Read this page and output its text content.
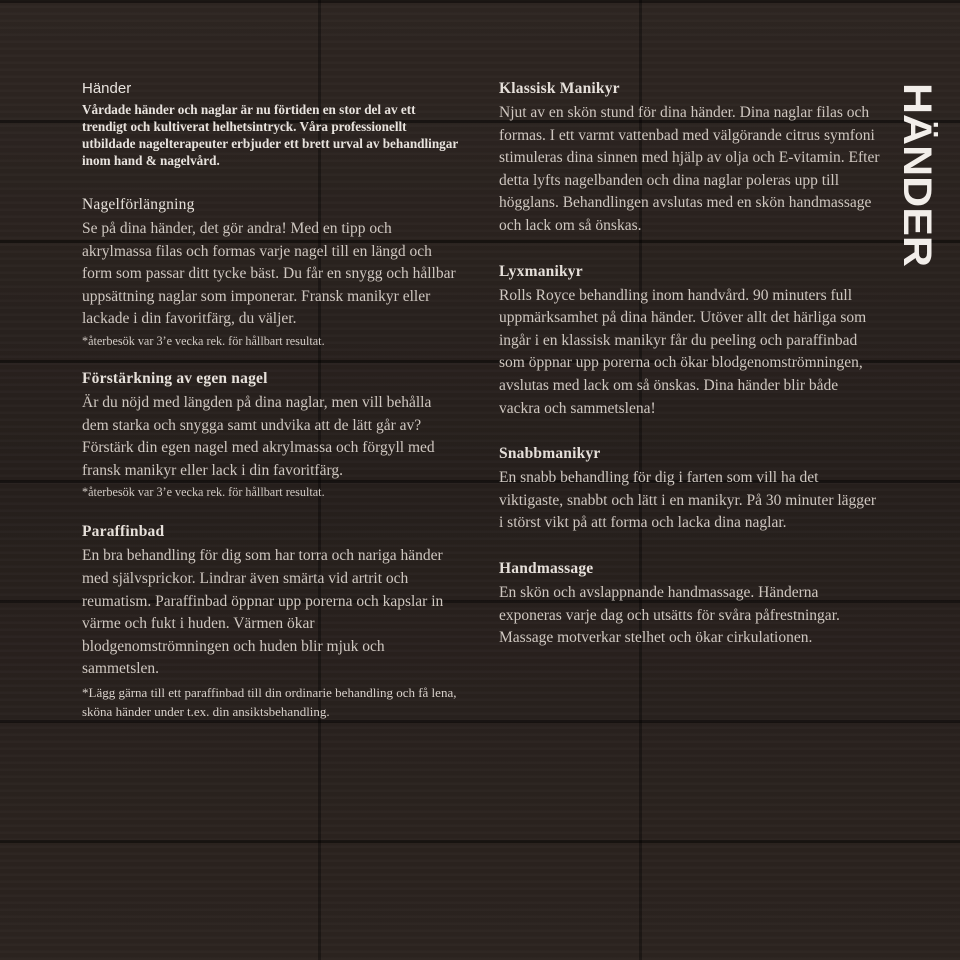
HÄNDER
Händer

Vårdade händer och naglar är nu förtiden en stor del av ett trendigt och kultiverat helhetsintryck. Våra professionellt utbildade nagelterapeuter erbjuder ett brett urval av behandlingar inom hand & nagelvård.

Nagelförlängning

Se på dina händer, det gör andra! Med en tipp och akrylmassa filas och formas varje nagel till en längd och form som passar ditt tycke bäst. Du får en snygg och hållbar uppsättning naglar som imponerar. Fransk manikyr eller lackade i din favoritfärg, du väljer.

*återbesök var 3’e vecka rek. för hållbart resultat.

Förstärkning av egen nagel

Är du nöjd med längden på dina naglar, men vill behålla dem starka och snygga samt undvika att de lätt går av? Förstärk din egen nagel med akrylmassa och förgyll med fransk manikyr eller lack i din favoritfärg.

*återbesök var 3’e vecka rek. för hållbart resultat.

Paraffinbad

En bra behandling för dig som har torra och nariga händer med självsprickor. Lindrar även smärta vid artrit och reumatism. Paraffinbad öppnar upp porerna och kapslar in värme och fukt i huden. Värmen ökar blodgenomströmningen och huden blir mjuk och sammetslen.

*Lägg gärna till ett paraffinbad till din ordinarie behandling och få lena, sköna händer under t.ex. din ansiktsbehandling.

Klassisk Manikyr

Njut av en skön stund för dina händer. Dina naglar filas och formas. I ett varmt vattenbad med välgörande citrus symfoni stimuleras dina sinnen med hjälp av olja och E-vitamin. Efter detta lyfts nagelbanden och dina naglar poleras upp till högglans. Behandlingen avslutas med en skön handmassage och lack om så önskas.

Lyxmanikyr

Rolls Royce behandling inom handvård. 90 minuters full uppmärksamhet på dina händer. Utöver allt det härliga som ingår i en klassisk manikyr får du peeling och paraffinbad som öppnar upp porerna och ökar blodgenomströmningen, avslutas med lack om så önskas. Dina händer blir både vackra och sammetslena!

Snabbmanikyr

En snabb behandling för dig i farten som vill ha det viktigaste, snabbt och lätt i en manikyr. På 30 minuter lägger i störst vikt på att forma och lacka dina naglar.

Handmassage

En skön och avslappnande handmassage. Händerna exponeras varje dag och utsätts för svåra påfrestningar. Massage motverkar stelhet och ökar cirkulationen.
